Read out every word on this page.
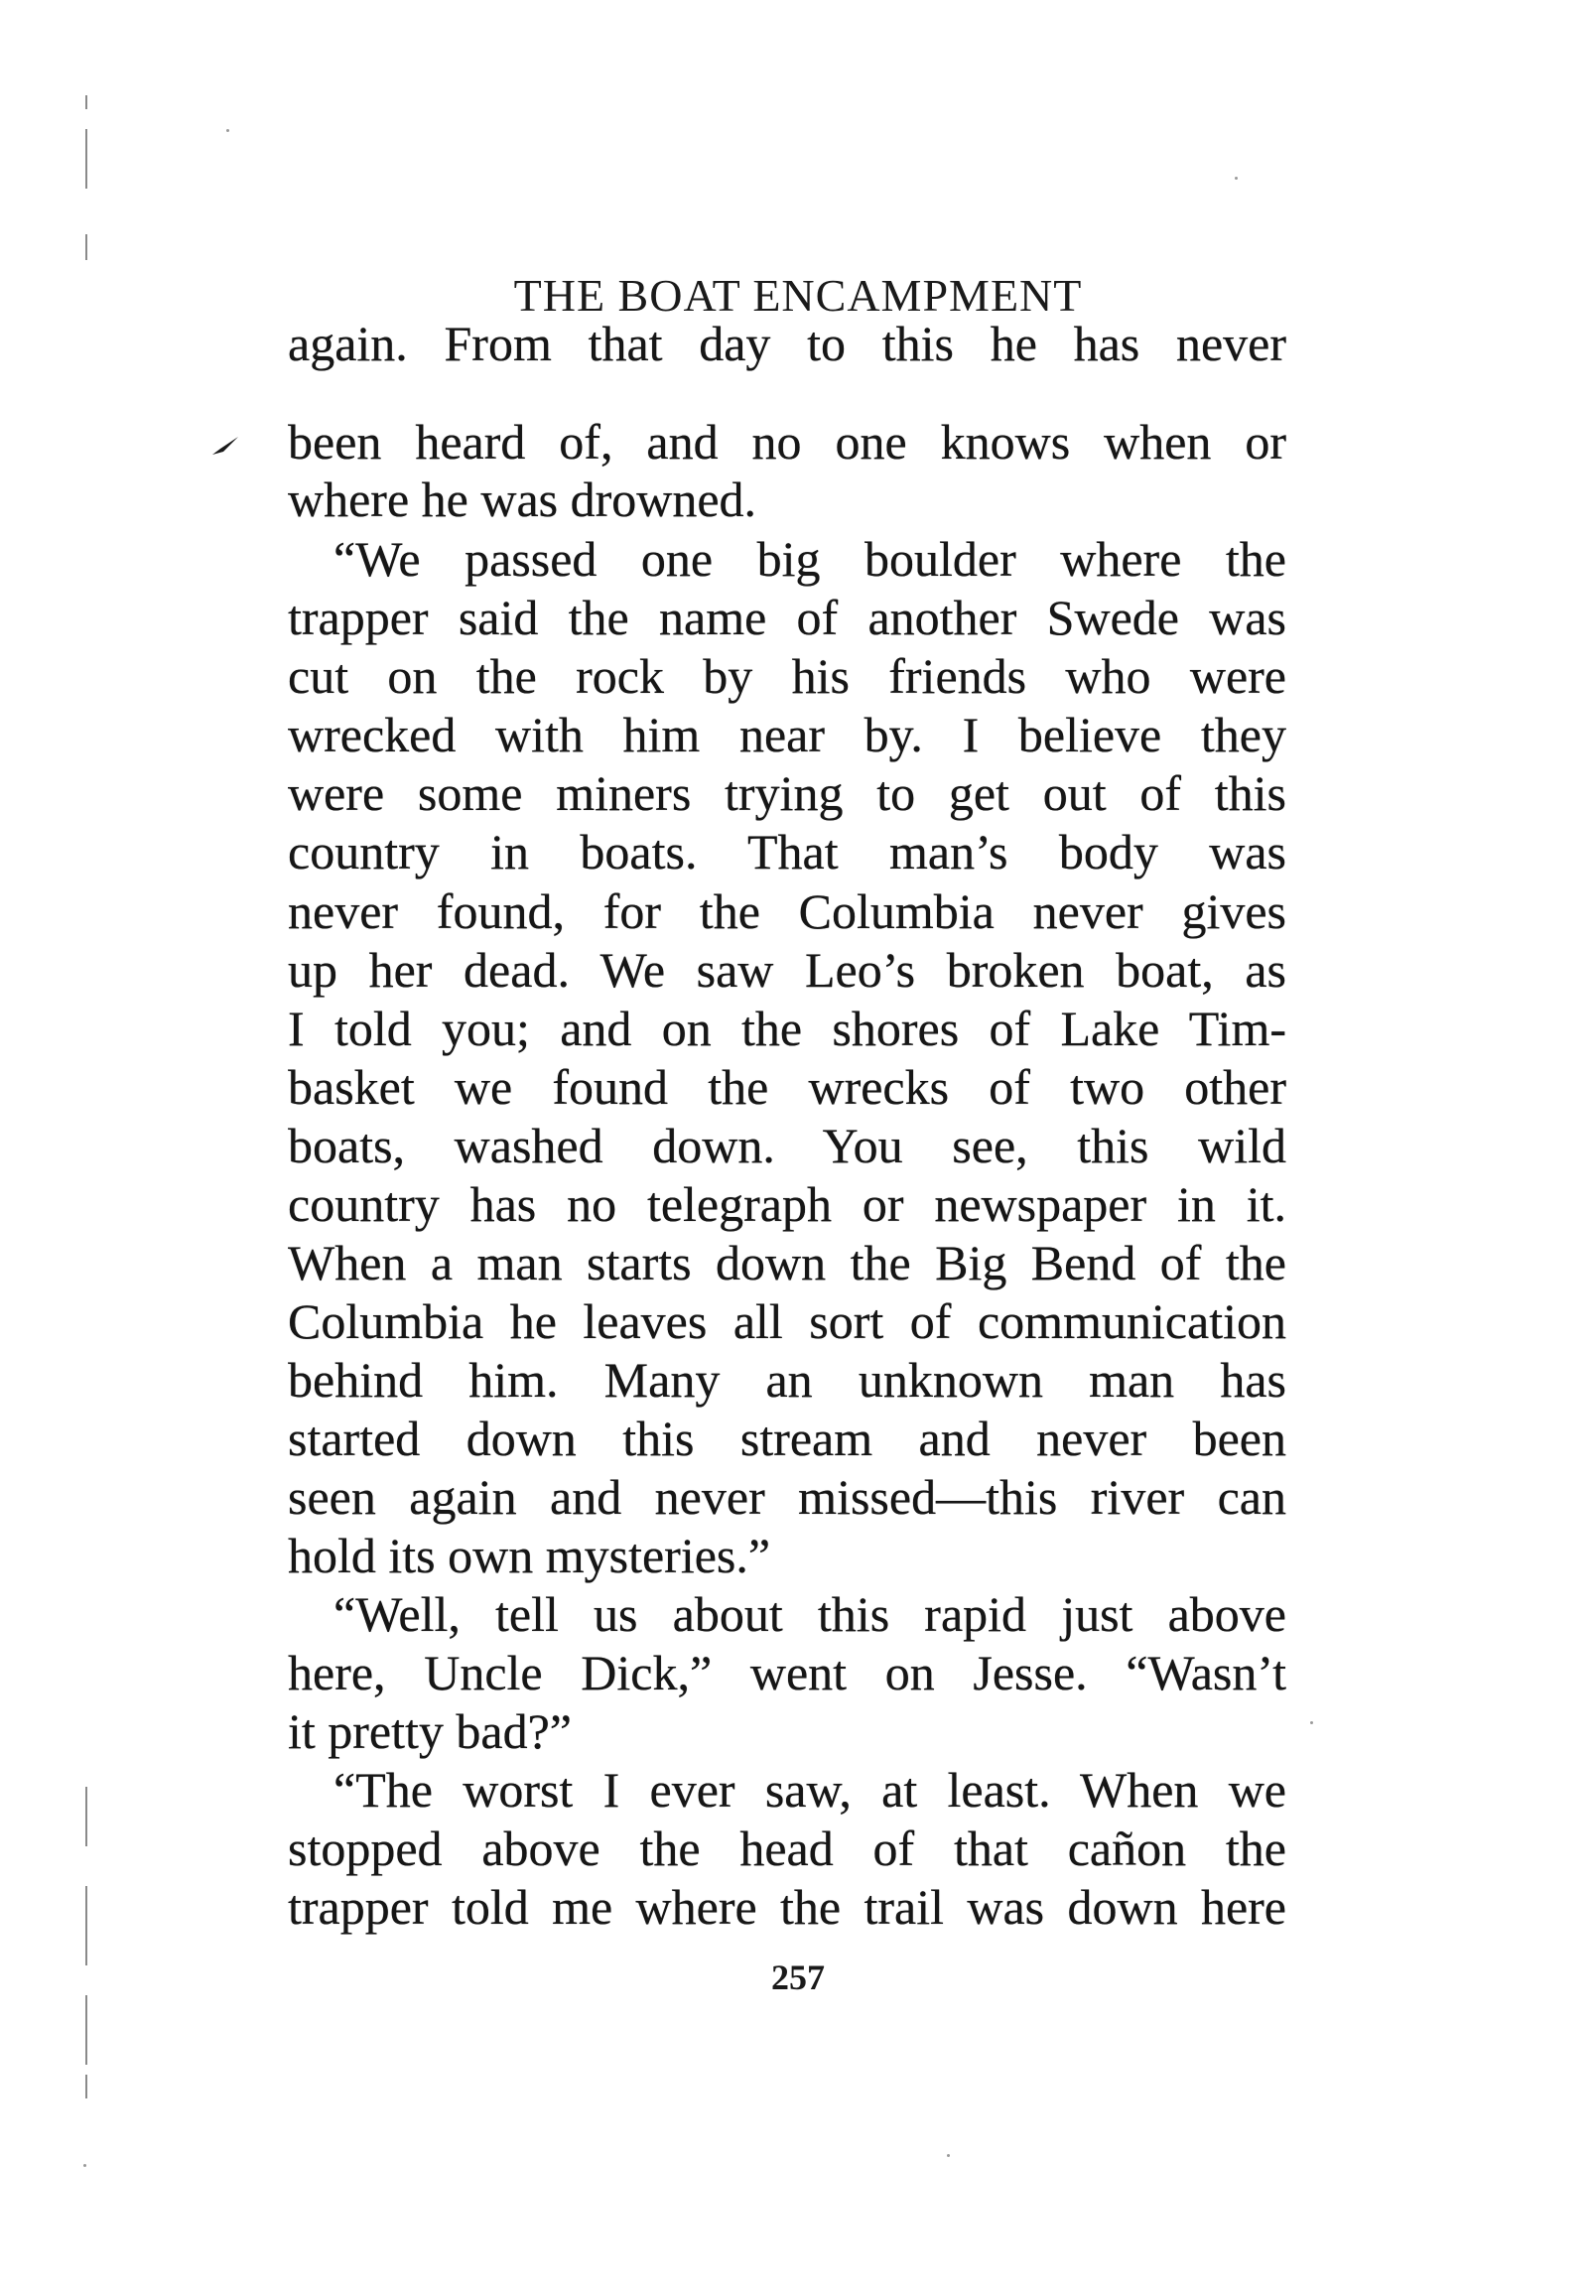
THE BOAT ENCAMPMENT
again. From that day to this he has never
been heard of, and no one knows when or
where he was drowned.
“We passed one big boulder where the
trapper said the name of another Swede was
cut on the rock by his friends who were
wrecked with him near by. I believe they
were some miners trying to get out of this
country in boats. That man’s body was
never found, for the Columbia never gives
up her dead. We saw Leo’s broken boat, as
I told you; and on the shores of Lake Tim-
basket we found the wrecks of two other
boats, washed down. You see, this wild
country has no telegraph or newspaper in it.
When a man starts down the Big Bend of the
Columbia he leaves all sort of communication
behind him. Many an unknown man has
started down this stream and never been
seen again and never missed—this river can
hold its own mysteries.”
“Well, tell us about this rapid just above
here, Uncle Dick,” went on Jesse. “Wasn’t
it pretty bad?”
“The worst I ever saw, at least. When we
stopped above the head of that cañon the
trapper told me where the trail was down here
257
